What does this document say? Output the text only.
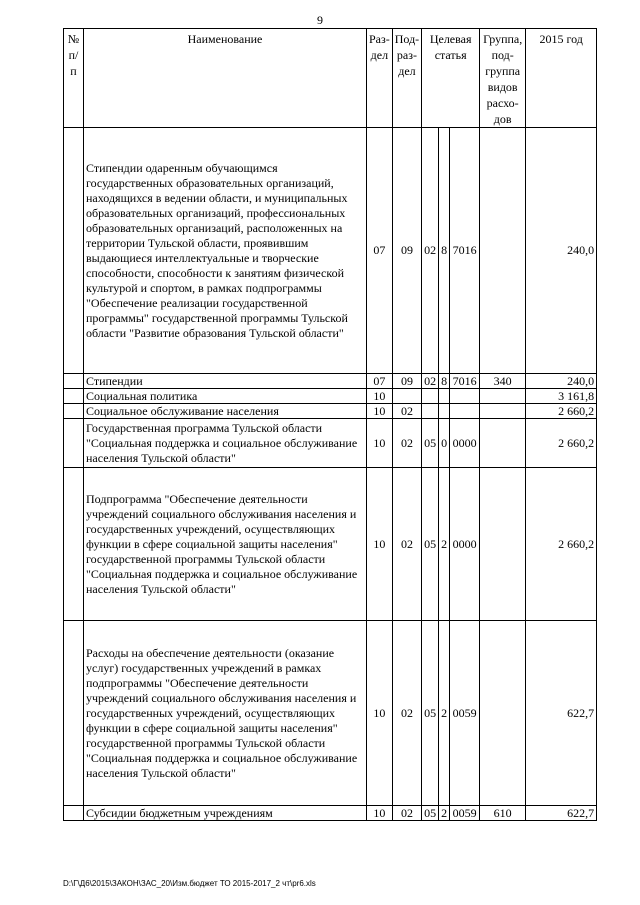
9
№ п/п	Наименование	Раз-дел	Под-раз-дел	Целевая статья			Группа, под-группа видов расхо-дов	2015 год
	Стипендии одаренным обучающимся государственных образовательных организаций, находящихся в ведении области, и муниципальных образовательных организаций, профессиональных образовательных организаций, расположенных на территории Тульской области, проявившим выдающиеся интеллектуальные и творческие способности, способности к занятиям физической культурой и спортом, в рамках подпрограммы "Обеспечение реализации государственной программы" государственной программы Тульской области "Развитие образования Тульской области"	07	09	02	8	7016		240,0
	Стипендии	07	09	02	8	7016	340	240,0
	Социальная политика	10						3 161,8
	Социальное обслуживание населения	10	02					2 660,2
	Государственная программа Тульской области "Социальная поддержка и социальное обслуживание населения Тульской области"	10	02	05	0	0000		2 660,2
	Подпрограмма "Обеспечение деятельности учреждений социального обслуживания населения и государственных учреждений, осуществляющих функции в сфере социальной защиты населения" государственной программы Тульской области "Социальная поддержка и социальное обслуживание населения Тульской области"	10	02	05	2	0000		2 660,2
	Расходы на обеспечение деятельности (оказание услуг) государственных учреждений в рамках подпрограммы "Обеспечение деятельности учреждений социального обслуживания населения и государственных учреждений, осуществляющих функции в сфере социальной защиты населения" государственной программы Тульской области "Социальная поддержка и социальное обслуживание населения Тульской области"	10	02	05	2	0059		622,7
	Субсидии бюджетным учреждениям	10	02	05	2	0059	610	622,7
D:\Г\Д6\2015\ЗАКОН\ЗАС_20\Изм.бюджет ТО 2015-2017_2 чт\pr6.xls
